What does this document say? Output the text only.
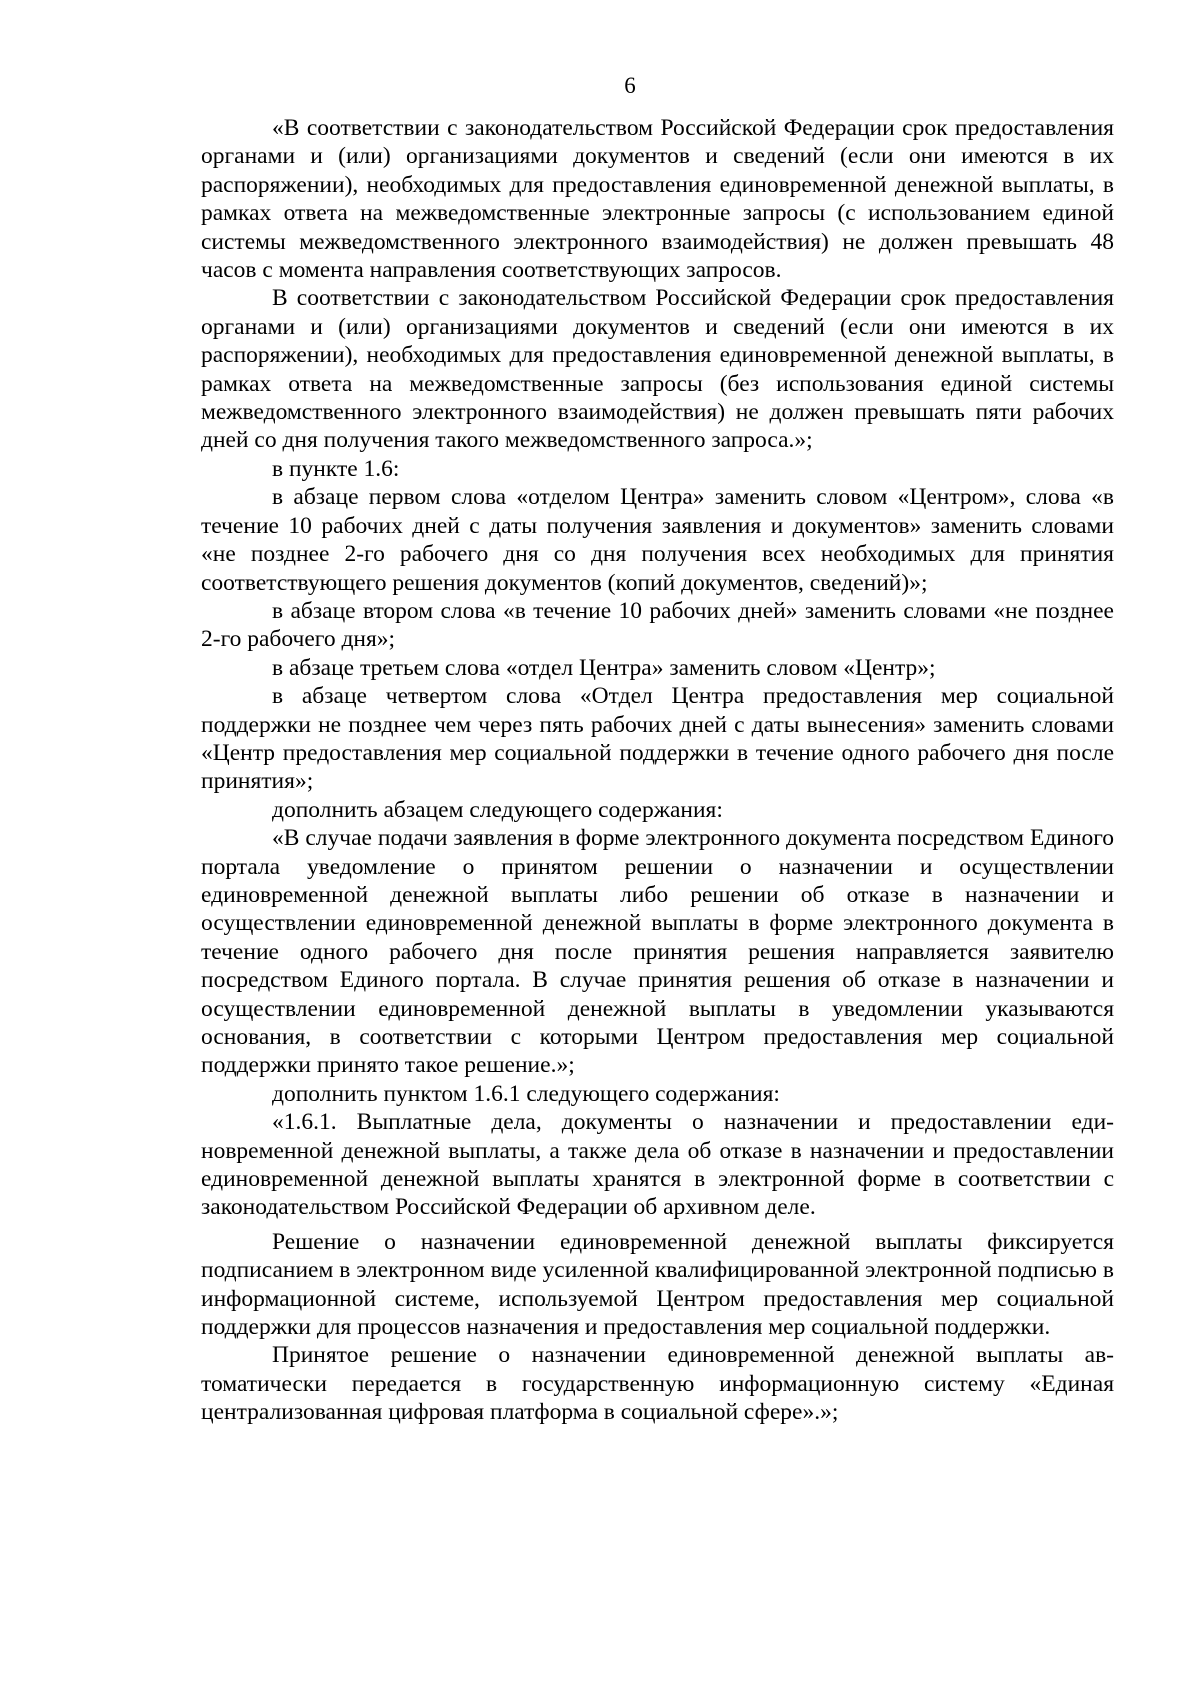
6

«В соответствии с законодательством Российской Федерации срок предоставления органами и (или) организациями документов и сведений (если они имеются в их распоряжении), необходимых для предоставления единовременной денежной выплаты, в рамках ответа на межведомственные электронные запросы (с использованием единой системы межведомственного электронного взаимодействия) не должен превышать 48 часов с момента направления соответствующих запросов.

В соответствии с законодательством Российской Федерации срок предоставления органами и (или) организациями документов и сведений (если они имеются в их распоряжении), необходимых для предоставления единовременной денежной выплаты, в рамках ответа на межведомственные запросы (без использования единой системы межведомственного электронного взаимодействия) не должен превышать пяти рабочих дней со дня получения такого межведомственного запроса.»;

в пункте 1.6:

в абзаце первом слова «отделом Центра» заменить словом «Центром», слова «в течение 10 рабочих дней с даты получения заявления и документов» заменить словами «не позднее 2-го рабочего дня со дня получения всех необходимых для принятия соответствующего решения документов (копий документов, сведений)»;

в абзаце втором слова «в течение 10 рабочих дней» заменить словами «не позднее 2-го рабочего дня»;

в абзаце третьем слова «отдел Центра» заменить словом «Центр»;

в абзаце четвертом слова «Отдел Центра предоставления мер социальной поддержки не позднее чем через пять рабочих дней с даты вынесения» заменить словами «Центр предоставления мер социальной поддержки в течение одного рабочего дня после принятия»;

дополнить абзацем следующего содержания:

«В случае подачи заявления в форме электронного документа посредством Единого портала уведомление о принятом решении о назначении и осуществлении единовременной денежной выплаты либо решении об отказе в назначении и осуществлении единовременной денежной выплаты в форме электронного документа в течение одного рабочего дня после принятия решения направляется заявителю посредством Единого портала. В случае принятия решения об отказе в назначении и осуществлении единовременной денежной выплаты в уведомлении указываются основания, в соответствии с которыми Центром предоставления мер социальной поддержки принято такое решение.»;

дополнить пунктом 1.6.1 следующего содержания:

«1.6.1. Выплатные дела, документы о назначении и предоставлении единовременной денежной выплаты, а также дела об отказе в назначении и предоставлении единовременной денежной выплаты хранятся в электронной форме в соответствии с законодательством Российской Федерации об архивном деле.

Решение о назначении единовременной денежной выплаты фиксируется подписанием в электронном виде усиленной квалифицированной электронной подписью в информационной системе, используемой Центром предоставления мер социальной поддержки для процессов назначения и предоставления мер социальной поддержки.

Принятое решение о назначении единовременной денежной выплаты автоматически передается в государственную информационную систему «Единая централизованная цифровая платформа в социальной сфере».»;
